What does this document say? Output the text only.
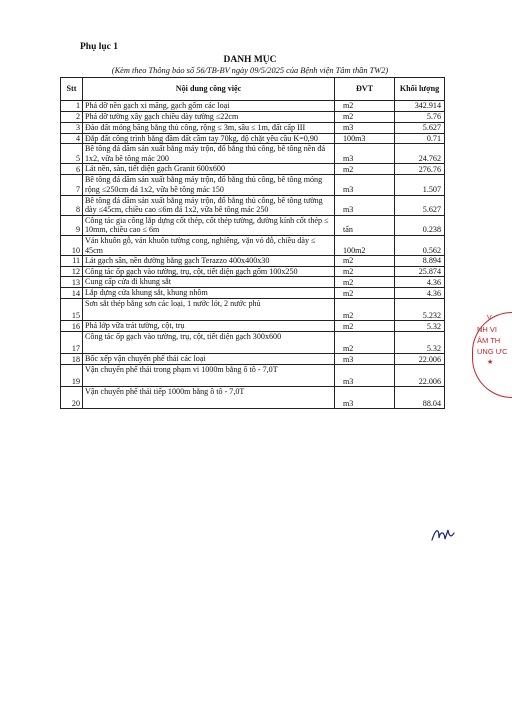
Phụ lục 1
DANH MỤC
(Kèm theo Thông báo số 56/TB-BV ngày 09/5/2025 của Bệnh viện Tâm thần TW2)
Stt	Nội dung công việc	ĐVT	Khối lượng
1	Phá dỡ nền gạch xi măng, gạch gốm các loại	m2	342.914
2	Phá dỡ tường xây gạch chiều dày tường ≤22cm	m2	5.76
3	Đào đất móng băng bằng thủ công, rộng ≤ 3m, sâu ≤ 1m, đất cấp III	m3	5.627
4	Đắp đất công trình bằng đầm đất cầm tay 70kg, độ chặt yêu cầu K=0,90	100m3	0.71
5	Bê tông đá dăm sản xuất bằng máy trộn, đổ bằng thủ công, bê tông nền đá 1x2, vữa bê tông mác 200	m3	24.762
6	Lát nền, sàn, tiết diện gạch Granit 600x600	m2	276.76
7	Bê tông đá dăm sản xuất bằng máy trộn, đổ bằng thủ công, bê tông móng rộng ≤250cm đá 1x2, vữa bê tông mác 150	m3	1.507
8	Bê tông đá dăm sản xuất bằng máy trộn, đổ bằng thủ công, bê tông tường dày ≤45cm, chiều cao ≤6m đá 1x2, vữa bê tông mác 250	m3	5.627
9	Công tác gia công lắp dựng cốt thép, cốt thép tường, đường kính cốt thép ≤ 10mm, chiều cao ≤ 6m	tấn	0.238
10	Ván khuôn gỗ, ván khuôn tường cong, nghiêng, vặn vỏ đỗ, chiều dày ≤ 45cm	100m2	0.562
11	Lát gạch sân, nền đường bằng gạch Terazzo 400x400x30	m2	8.894
12	Công tác ốp gạch vào tường, trụ, cột, tiết diện gạch gốm 100x250	m2	25.874
13	Cung cấp cửa đi khung sắt	m2	4.36
14	Lắp dựng cửa khung sắt, khung nhôm	m2	4.36
15	Sơn sắt thép bằng sơn các loại, 1 nước lót, 2 nước phủ	m2	5.232
16	Phá lớp vữa trát tường, cột, trụ	m2	5.32
17	Công tác ốp gạch vào tường, trụ, cột, tiết diện gạch 300x600	m2	5.32
18	Bốc xếp vận chuyển phế thải các loại	m3	22.006
19	Vận chuyển phế thải trong phạm vi 1000m bằng ô tô - 7,0T	m3	22.006
20	Vận chuyển phế thải tiếp 1000m bằng ô tô - 7,0T	m3	88.04
V
NH VI
ÂM TH
UNG ƯC
★
